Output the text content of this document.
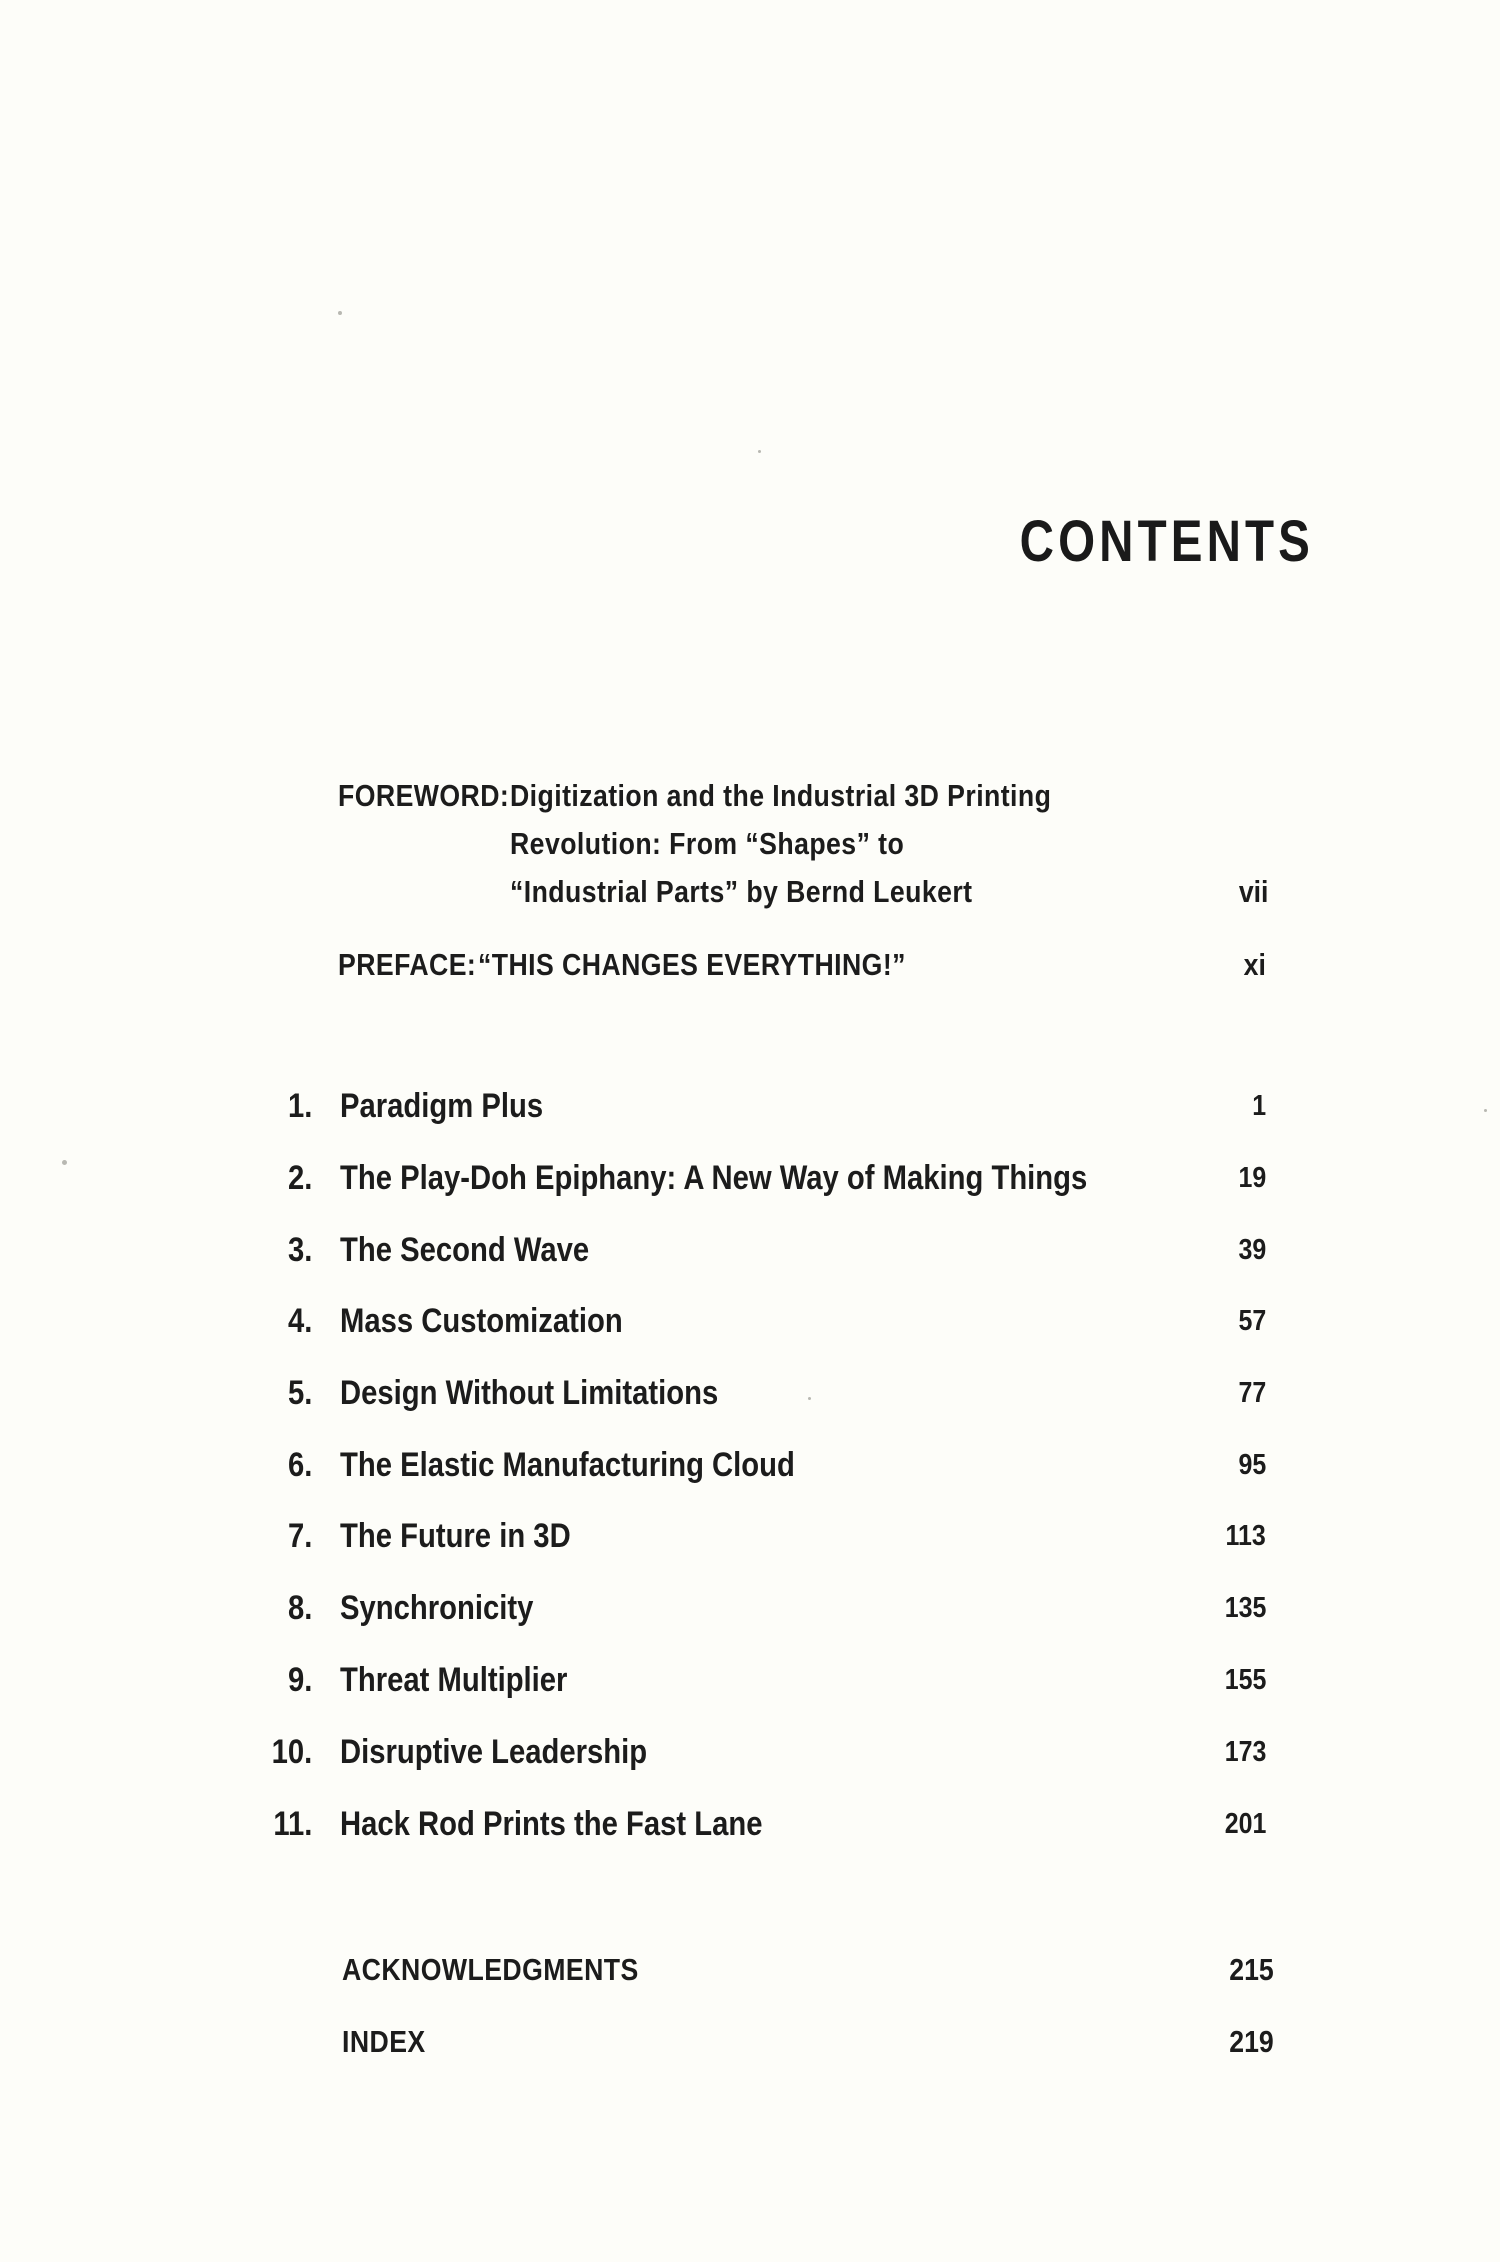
CONTENTS
FOREWORD: Digitization and the Industrial 3D Printing
Revolution: From “Shapes” to
“Industrial Parts” by Bernd Leukert	vii
PREFACE: “THIS CHANGES EVERYTHING!”	xi
1. Paradigm Plus	1
2. The Play-Doh Epiphany: A New Way of Making Things	19
3. The Second Wave	39
4. Mass Customization	57
5. Design Without Limitations	77
6. The Elastic Manufacturing Cloud	95
7. The Future in 3D	113
8. Synchronicity	135
9. Threat Multiplier	155
10. Disruptive Leadership	173
11. Hack Rod Prints the Fast Lane	201
ACKNOWLEDGMENTS	215
INDEX	219
